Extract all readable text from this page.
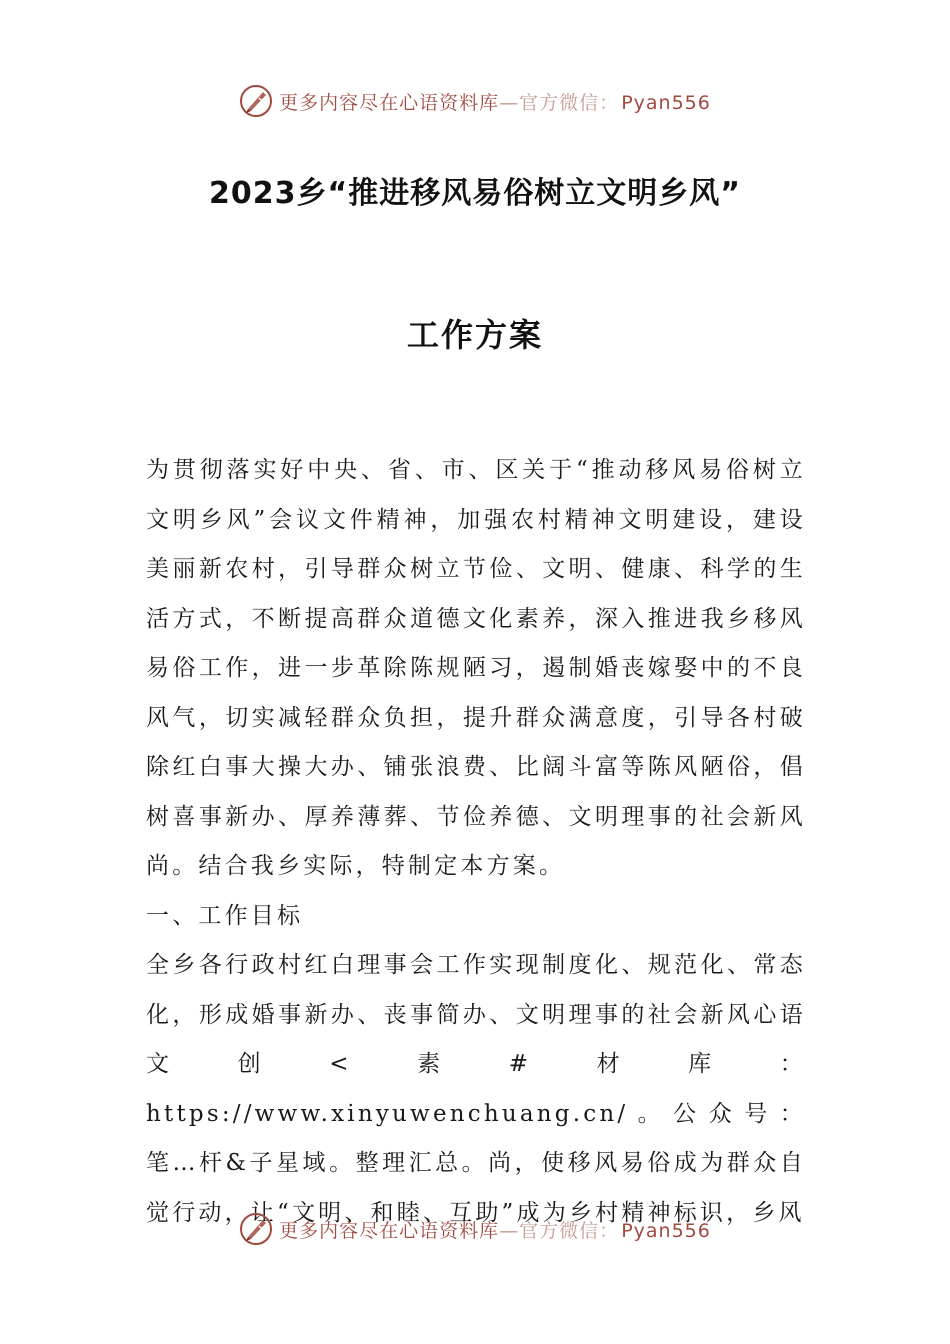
更多内容尽在心语资料库—官方微信： Pyan556
2023乡“推进移风易俗树立文明乡风”
工作方案

为贯彻落实好中央、省、市、区关于“推动移风易俗树立文明乡风”会议文件精神，加强农村精神文明建设，建设美丽新农村，引导群众树立节俭、文明、健康、科学的生活方式，不断提高群众道德文化素养，深入推进我乡移风易俗工作，进一步革除陈规陋习，遏制婚丧嫁娶中的不良风气，切实减轻群众负担，提升群众满意度，引导各村破除红白事大操大办、铺张浪费、比阔斗富等陈风陋俗，倡树喜事新办、厚养薄葬、节俭养德、文明理事的社会新风尚。结合我乡实际，特制定本方案。

一、工作目标

全乡各行政村红白理事会工作实现制度化、规范化、常态化，形成婚事新办、丧事简办、文明理事的社会新风心语文创<素#材库：https://www.xinyuwenchuang.cn/。公众号：笔…杆&子星域。整理汇总。尚，使移风易俗成为群众自觉行动，让“文明、和睦、互助”成为乡村精神标识，乡风

更多内容尽在心语资料库—官方微信： Pyan556
